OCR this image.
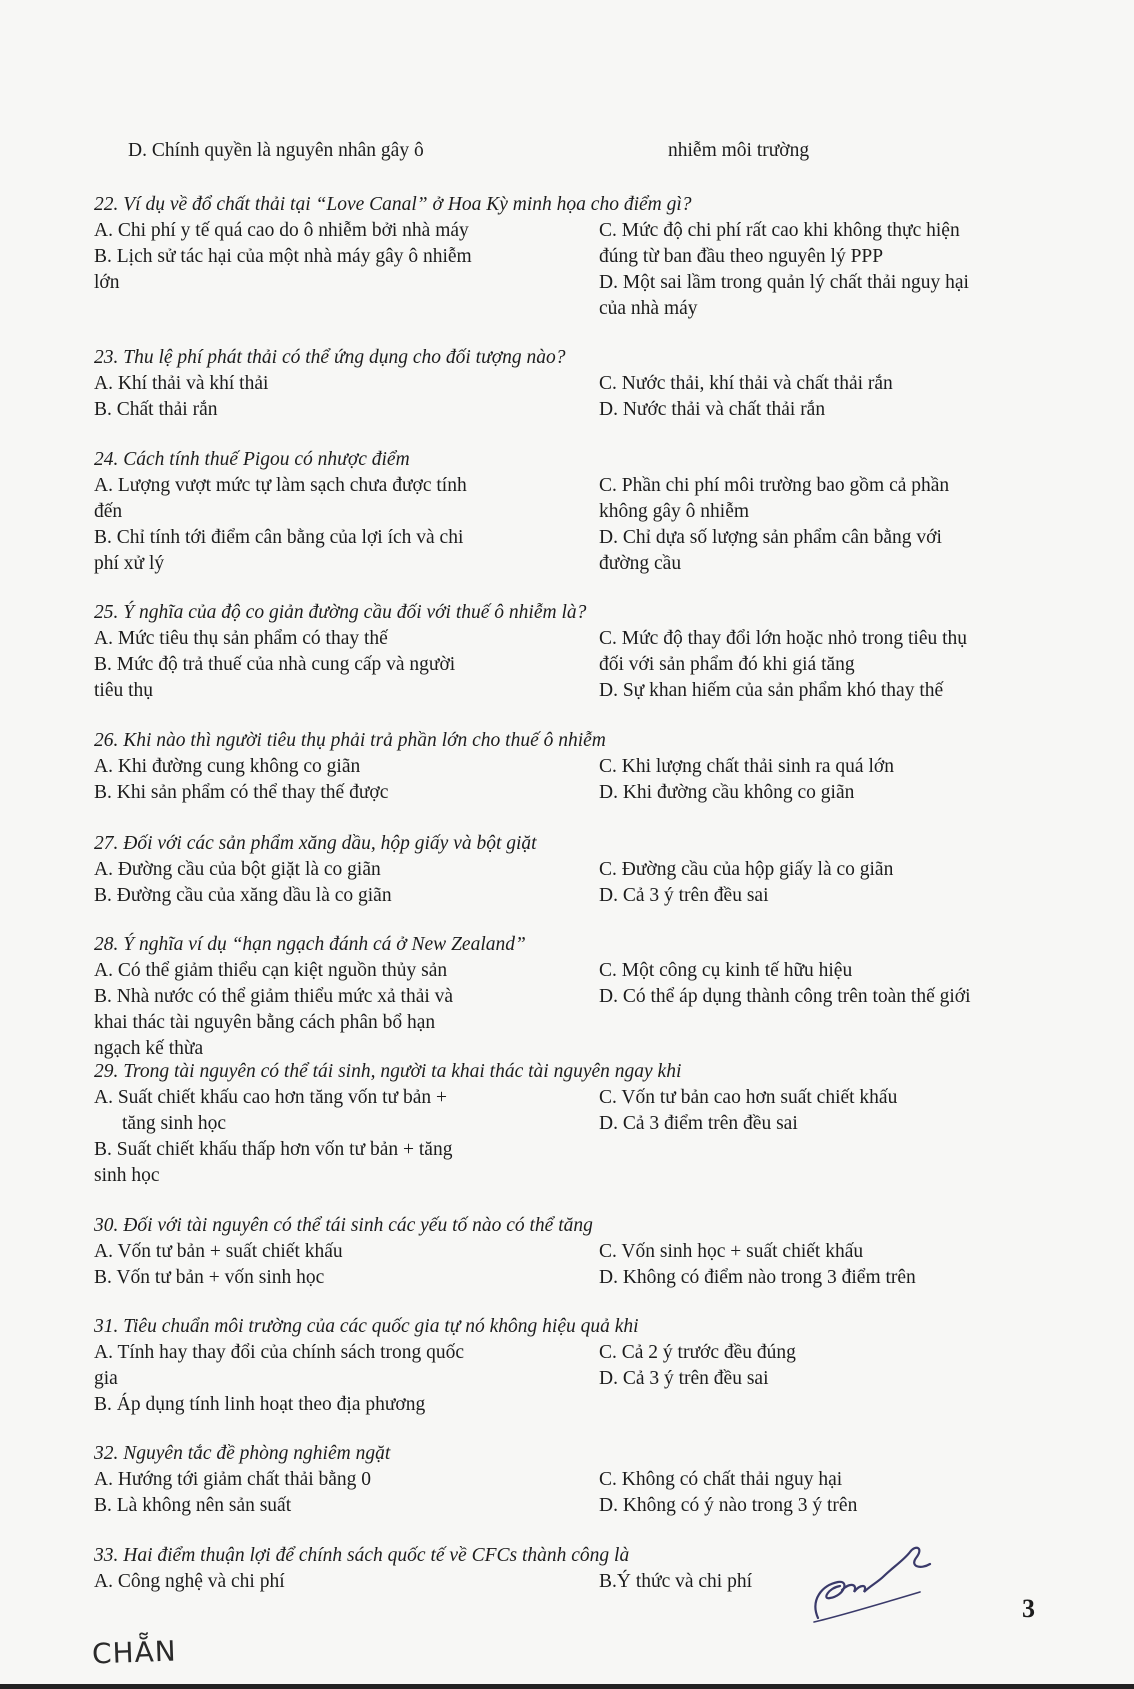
D. Chính quyền là nguyên nhân gây ô	nhiễm môi trường
22. Ví dụ về đổ chất thải tại “Love Canal” ở Hoa Kỳ minh họa cho điểm gì?
A. Chi phí y tế quá cao do ô nhiễm bởi nhà máy
B. Lịch sử tác hại của một nhà máy gây ô nhiễm
lớn
C. Mức độ chi phí rất cao khi không thực hiện
đúng từ ban đầu theo nguyên lý PPP
D. Một sai lầm trong quản lý chất thải nguy hại
của nhà máy
23. Thu lệ phí phát thải có thể ứng dụng cho đối tượng nào?
A. Khí thải và khí thải
B. Chất thải rắn
C. Nước thải, khí thải và chất thải rắn
D. Nước thải và chất thải rắn
24. Cách tính thuế Pigou có nhược điểm
A. Lượng vượt mức tự làm sạch chưa được tính
đến
B. Chỉ tính tới điểm cân bằng của lợi ích và chi
phí xử lý
C. Phần chi phí môi trường bao gồm cả phần
không gây ô nhiễm
D. Chỉ dựa số lượng sản phẩm cân bằng với
đường cầu
25. Ý nghĩa của độ co giản đường cầu đối với thuế ô nhiễm là?
A. Mức tiêu thụ sản phẩm có thay thế
B. Mức độ trả thuế của nhà cung cấp và người
tiêu thụ
C. Mức độ thay đổi lớn hoặc nhỏ trong tiêu thụ
đối với sản phẩm đó khi giá tăng
D. Sự khan hiếm của sản phẩm khó thay thế
26. Khi nào thì người tiêu thụ phải trả phần lớn cho thuế ô nhiễm
A. Khi đường cung không co giãn
B. Khi sản phẩm có thể thay thế được
C. Khi lượng chất thải sinh ra quá lớn
D. Khi đường cầu không co giãn
27. Đối với các sản phẩm xăng dầu, hộp giấy và bột giặt
A. Đường cầu của bột giặt là co giãn
B. Đường cầu của xăng dầu là co giãn
C. Đường cầu của hộp giấy là co giãn
D. Cả 3 ý trên đều sai
28. Ý nghĩa ví dụ “hạn ngạch đánh cá ở New Zealand”
A. Có thể giảm thiểu cạn kiệt nguồn thủy sản
B. Nhà nước có thể giảm thiểu mức xả thải và
khai thác tài nguyên bằng cách phân bổ hạn
ngạch kế thừa
C. Một công cụ kinh tế hữu hiệu
D. Có thể áp dụng thành công trên toàn thế giới
29. Trong tài nguyên có thể tái sinh, người ta khai thác tài nguyên ngay khi
A. Suất chiết khấu cao hơn tăng vốn tư bản +
tăng sinh học
B. Suất chiết khấu thấp hơn vốn tư bản + tăng
sinh học
C. Vốn tư bản cao hơn suất chiết khấu
D. Cả 3 điểm trên đều sai
30. Đối với tài nguyên có thể tái sinh các yếu tố nào có thể tăng
A. Vốn tư bản + suất chiết khấu
B. Vốn tư bản + vốn sinh học
C. Vốn sinh học + suất chiết khấu
D. Không có điểm nào trong 3 điểm trên
31. Tiêu chuẩn môi trường của các quốc gia tự nó không hiệu quả khi
A. Tính hay thay đổi của chính sách trong quốc
gia
B. Áp dụng tính linh hoạt theo địa phương
C. Cả 2 ý trước đều đúng
D. Cả 3 ý trên đều sai
32. Nguyên tắc đề phòng nghiêm ngặt
A. Hướng tới giảm chất thải bằng 0
B. Là không nên sản suất
C. Không có chất thải nguy hại
D. Không có ý nào trong 3 ý trên
33. Hai điểm thuận lợi để chính sách quốc tế về CFCs thành công là
A. Công nghệ và chi phí	B.Ý thức và chi phí
3
CHẴN
